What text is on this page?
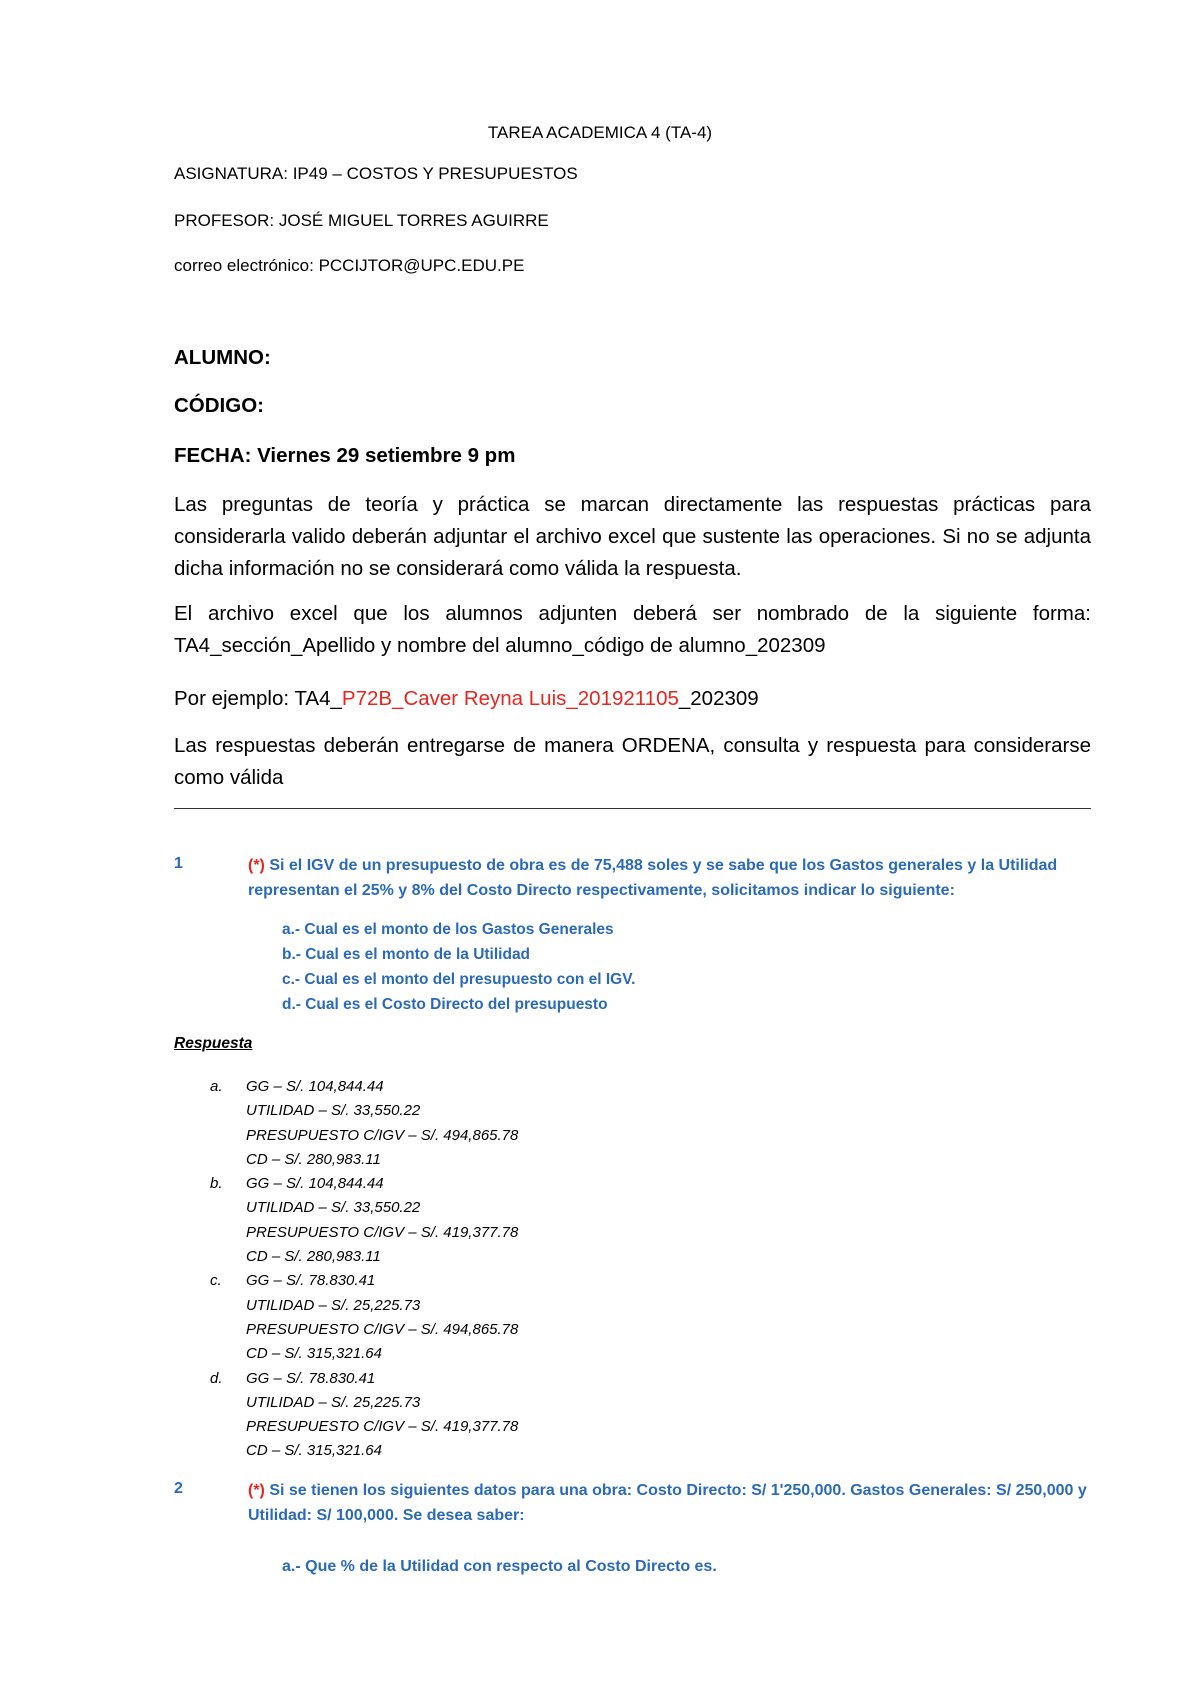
TAREA ACADEMICA 4 (TA-4)
ASIGNATURA: IP49 – COSTOS Y PRESUPUESTOS
PROFESOR: JOSÉ MIGUEL TORRES AGUIRRE
correo electrónico: PCCIJTOR@UPC.EDU.PE
ALUMNO:
CÓDIGO:
FECHA: Viernes 29 setiembre 9 pm
Las preguntas de teoría y práctica se marcan directamente las respuestas prácticas para considerarla valido deberán adjuntar el archivo excel que sustente las operaciones. Si no se adjunta dicha información no se considerará como válida la respuesta.
El archivo excel que los alumnos adjunten deberá ser nombrado de la siguiente forma: TA4_sección_Apellido y nombre del alumno_código de alumno_202309
Por ejemplo: TA4_P72B_Caver Reyna Luis_201921105_202309
Las respuestas deberán entregarse de manera ORDENA, consulta y respuesta para considerarse como válida
1	(*) Si el IGV de un presupuesto de obra es de 75,488 soles y se sabe que los Gastos generales y la Utilidad representan el 25% y 8% del Costo Directo respectivamente, solicitamos indicar lo siguiente:
a.- Cual es el monto de los Gastos Generales
b.- Cual es el monto de la Utilidad
c.- Cual es el monto del presupuesto con el IGV.
d.- Cual es el Costo Directo del presupuesto
Respuesta
a. GG – S/. 104,844.44
UTILIDAD – S/. 33,550.22
PRESUPUESTO C/IGV – S/. 494,865.78
CD – S/. 280,983.11
b. GG – S/. 104,844.44
UTILIDAD – S/. 33,550.22
PRESUPUESTO C/IGV – S/. 419,377.78
CD – S/. 280,983.11
c. GG – S/. 78.830.41
UTILIDAD – S/. 25,225.73
PRESUPUESTO C/IGV – S/. 494,865.78
CD – S/. 315,321.64
d. GG – S/. 78.830.41
UTILIDAD – S/. 25,225.73
PRESUPUESTO C/IGV – S/. 419,377.78
CD – S/. 315,321.64
2	(*) Si se tienen los siguientes datos para una obra: Costo Directo: S/ 1'250,000. Gastos Generales: S/ 250,000 y Utilidad: S/ 100,000. Se desea saber:
a.- Que % de la Utilidad con respecto al Costo Directo es.
